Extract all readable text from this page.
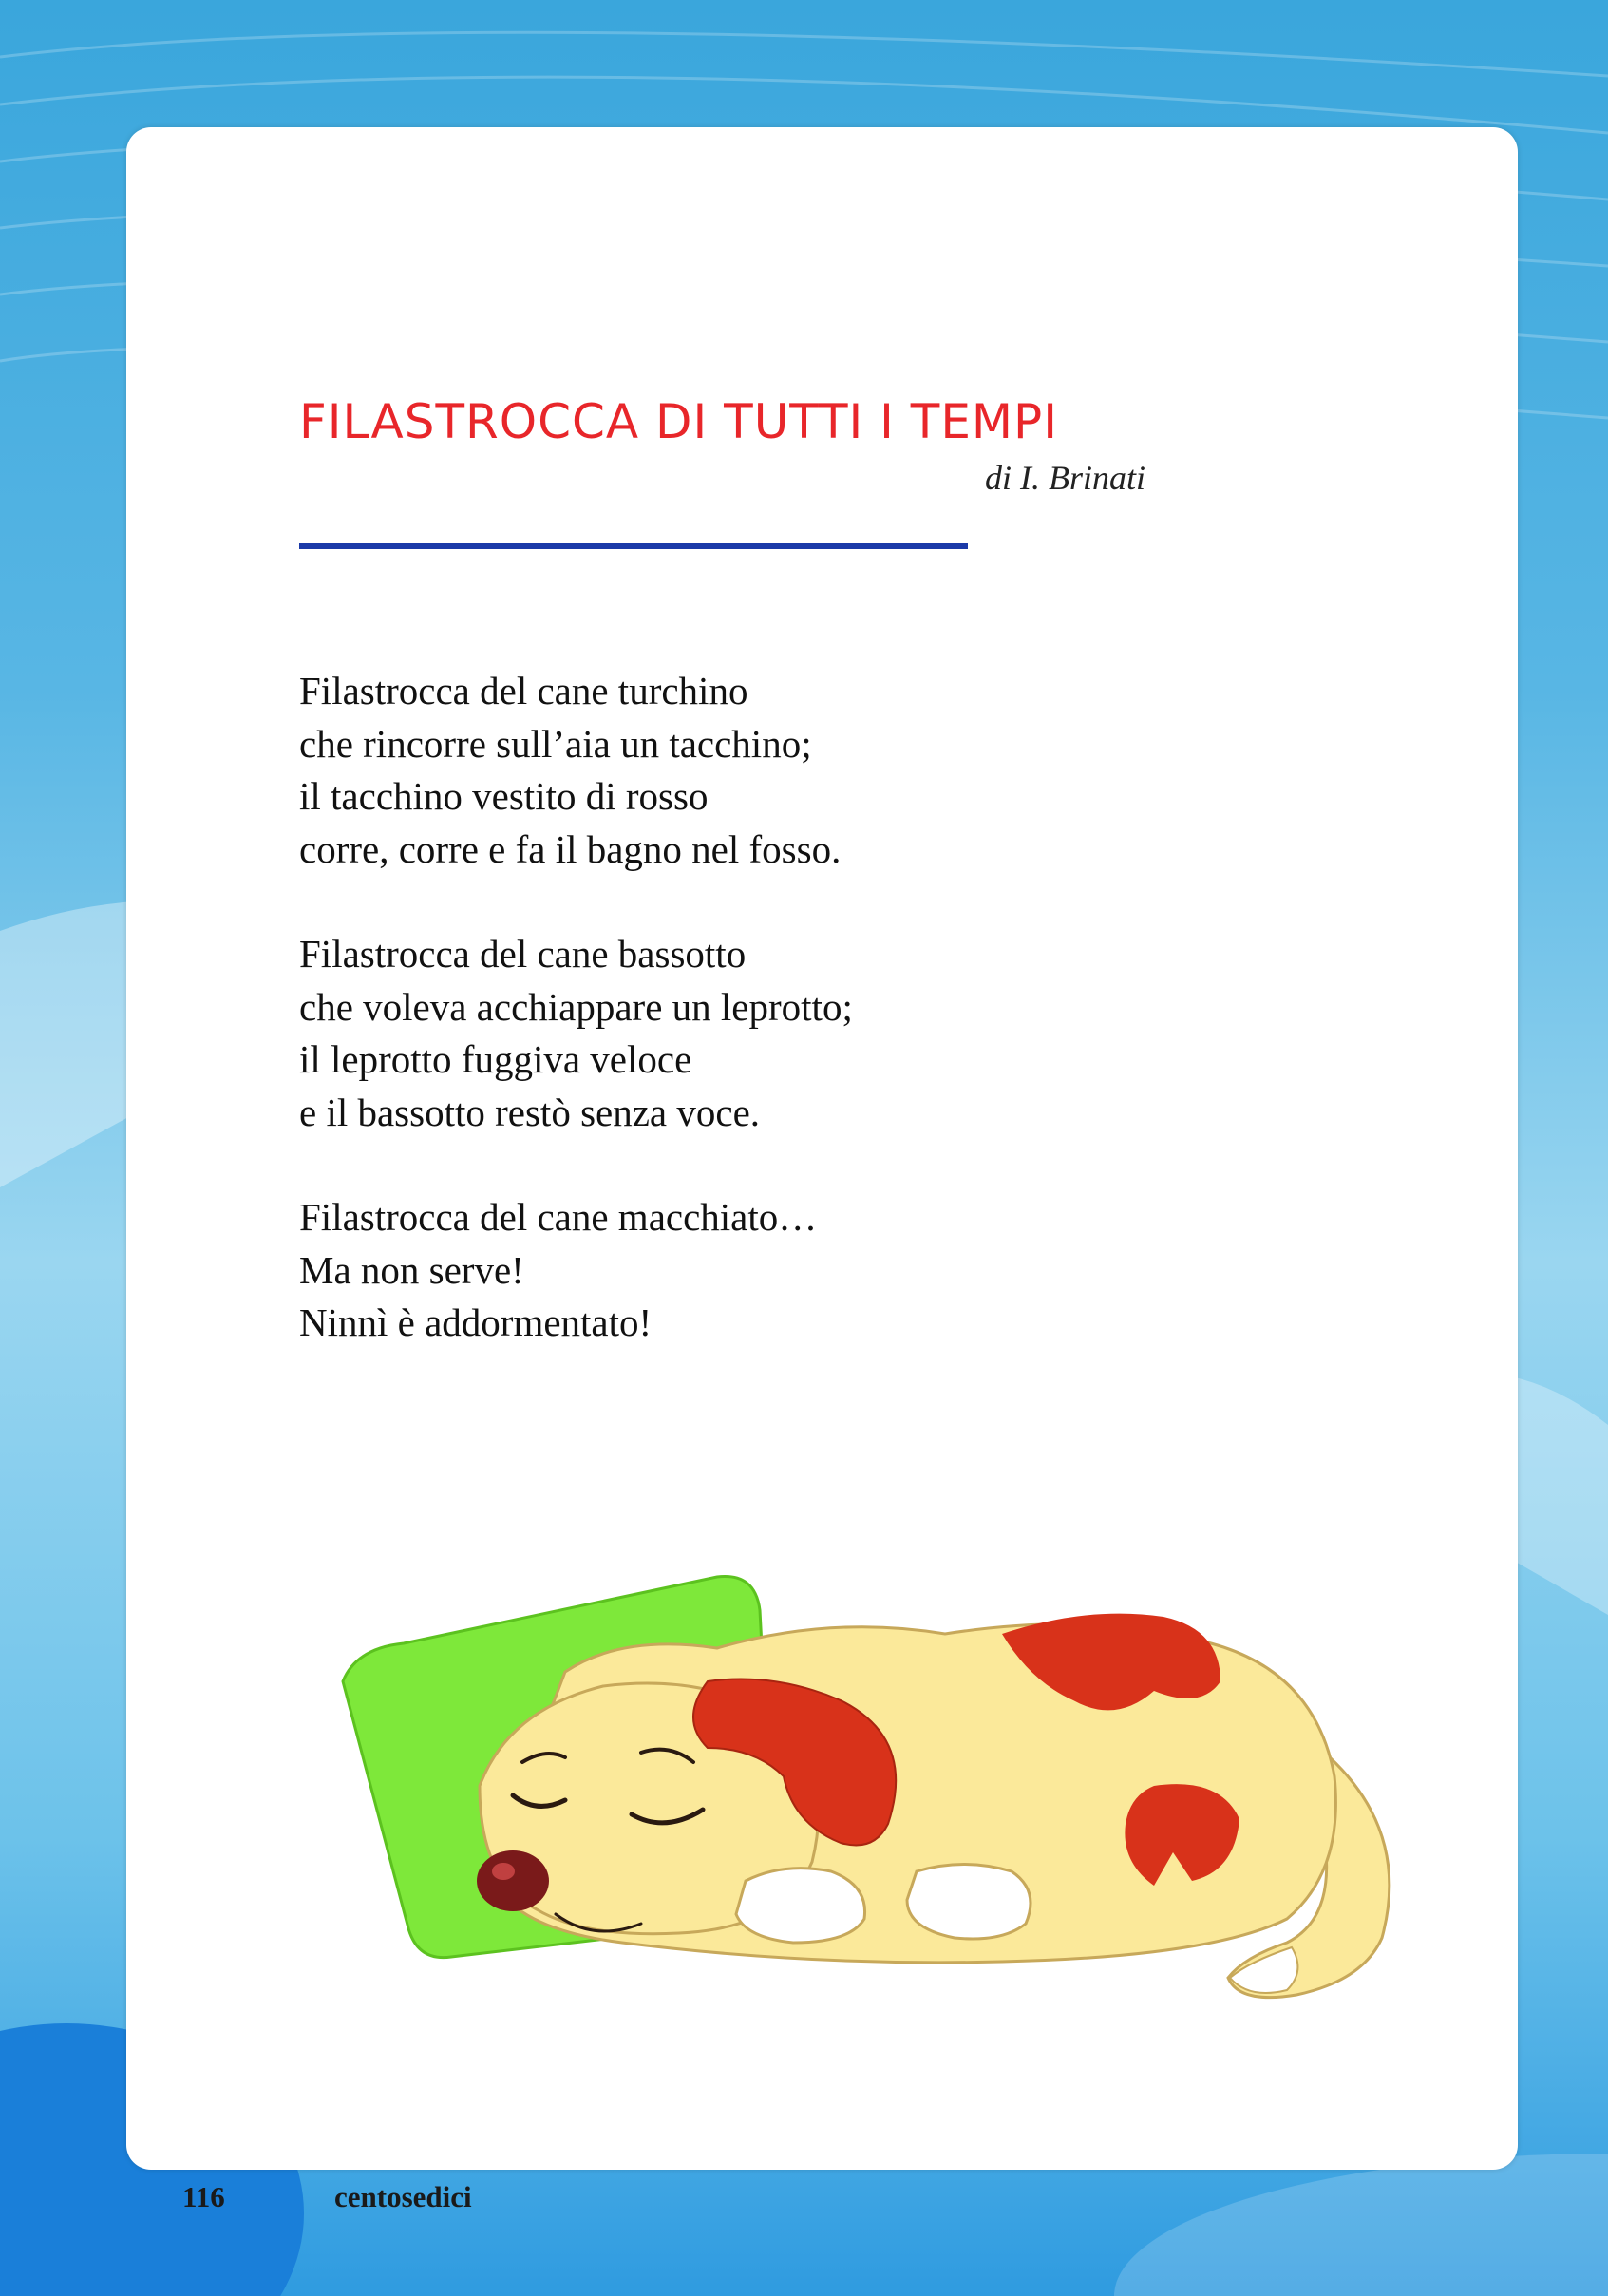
FILASTROCCA DI TUTTI I TEMPI
di I. Brinati
Filastrocca del cane turchino
che rincorre sull’aia un tacchino;
il tacchino vestito di rosso
corre, corre e fa il bagno nel fosso.
Filastrocca del cane bassotto
che voleva acchiappare un leprotto;
il leprotto fuggiva veloce
e il bassotto restò senza voce.
Filastrocca del cane macchiato…
Ma non serve!
Ninnì è addormentato!
116	centosedici
